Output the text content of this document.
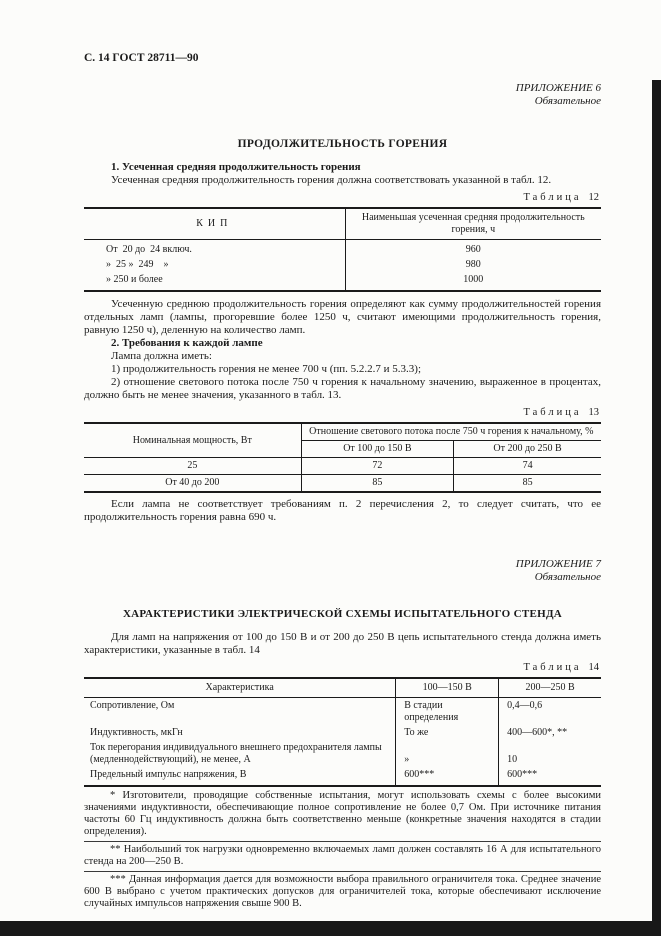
С. 14 ГОСТ 28711—90
ПРИЛОЖЕНИЕ 6
Обязательное
ПРОДОЛЖИТЕЛЬНОСТЬ ГОРЕНИЯ

1. Усеченная средняя продолжительность горения

Усеченная средняя продолжительность горения должна соответствовать указанной в табл. 12.

Таблица 12
КИП	Наименьшая усеченная средняя продолжительность горения, ч
От  20 до  24 включ.	960
»  25 »  249    »	980
» 250 и более	1000

Усеченную среднюю продолжительность горения определяют как сумму продолжительностей горения отдельных ламп (лампы, прогоревшие более 1250 ч, считают имеющими продолжительность горения, равную 1250 ч), деленную на количество ламп.

2. Требования к каждой лампе

Лампа должна иметь:

1) продолжительность горения не менее 700 ч (пп. 5.2.2.7 и 5.3.3);

2) отношение светового потока после 750 ч горения к начальному значению, выраженное в процентах, должно быть не менее значения, указанного в табл. 13.

Таблица 13
Номинальная мощность, Вт	Отношение светового потока после 750 ч горения к начальному, %	
	От 100 до 150 В	От 200 до 250 В
25	72	74
От 40 до 200	85	85

Если лампа не соответствует требованиям п. 2 перечисления 2, то следует считать, что ее продолжительность горения равна 690 ч.

ПРИЛОЖЕНИЕ 7
Обязательное
ХАРАКТЕРИСТИКИ ЭЛЕКТРИЧЕСКОЙ СХЕМЫ ИСПЫТАТЕЛЬНОГО СТЕНДА

Для ламп на напряжения от 100 до 150 В и от 200 до 250 В цепь испытательного стенда должна иметь характеристики, указанные в табл. 14

Таблица 14
Характеристика	100—150 В	200—250 В
Сопротивление, Ом	В стадии определения	0,4—0,6
Индуктивность, мкГн	То же	400—600*, **
Ток перегорания индивидуального внешнего предохранителя лампы (медленнодействующий), не менее, А	»	10
Предельный импульс напряжения, В	600***	600***

* Изготовители, проводящие собственные испытания, могут использовать схемы с более высокими значениями индуктивности, обеспечивающие полное сопротивление не более 0,7 Ом. При источнике питания частоты 60 Гц индуктивность должна быть соответственно меньше (конкретные значения находятся в стадии определения).

** Наибольший ток нагрузки одновременно включаемых ламп должен составлять 16 А для испытательного стенда на 200—250 В.

*** Данная информация дается для возможности выбора правильного ограничителя тока. Среднее значение 600 В выбрано с учетом практических допусков для ограничителей тока, которые обеспечивают исключение случайных импульсов напряжения свыше 900 В.
